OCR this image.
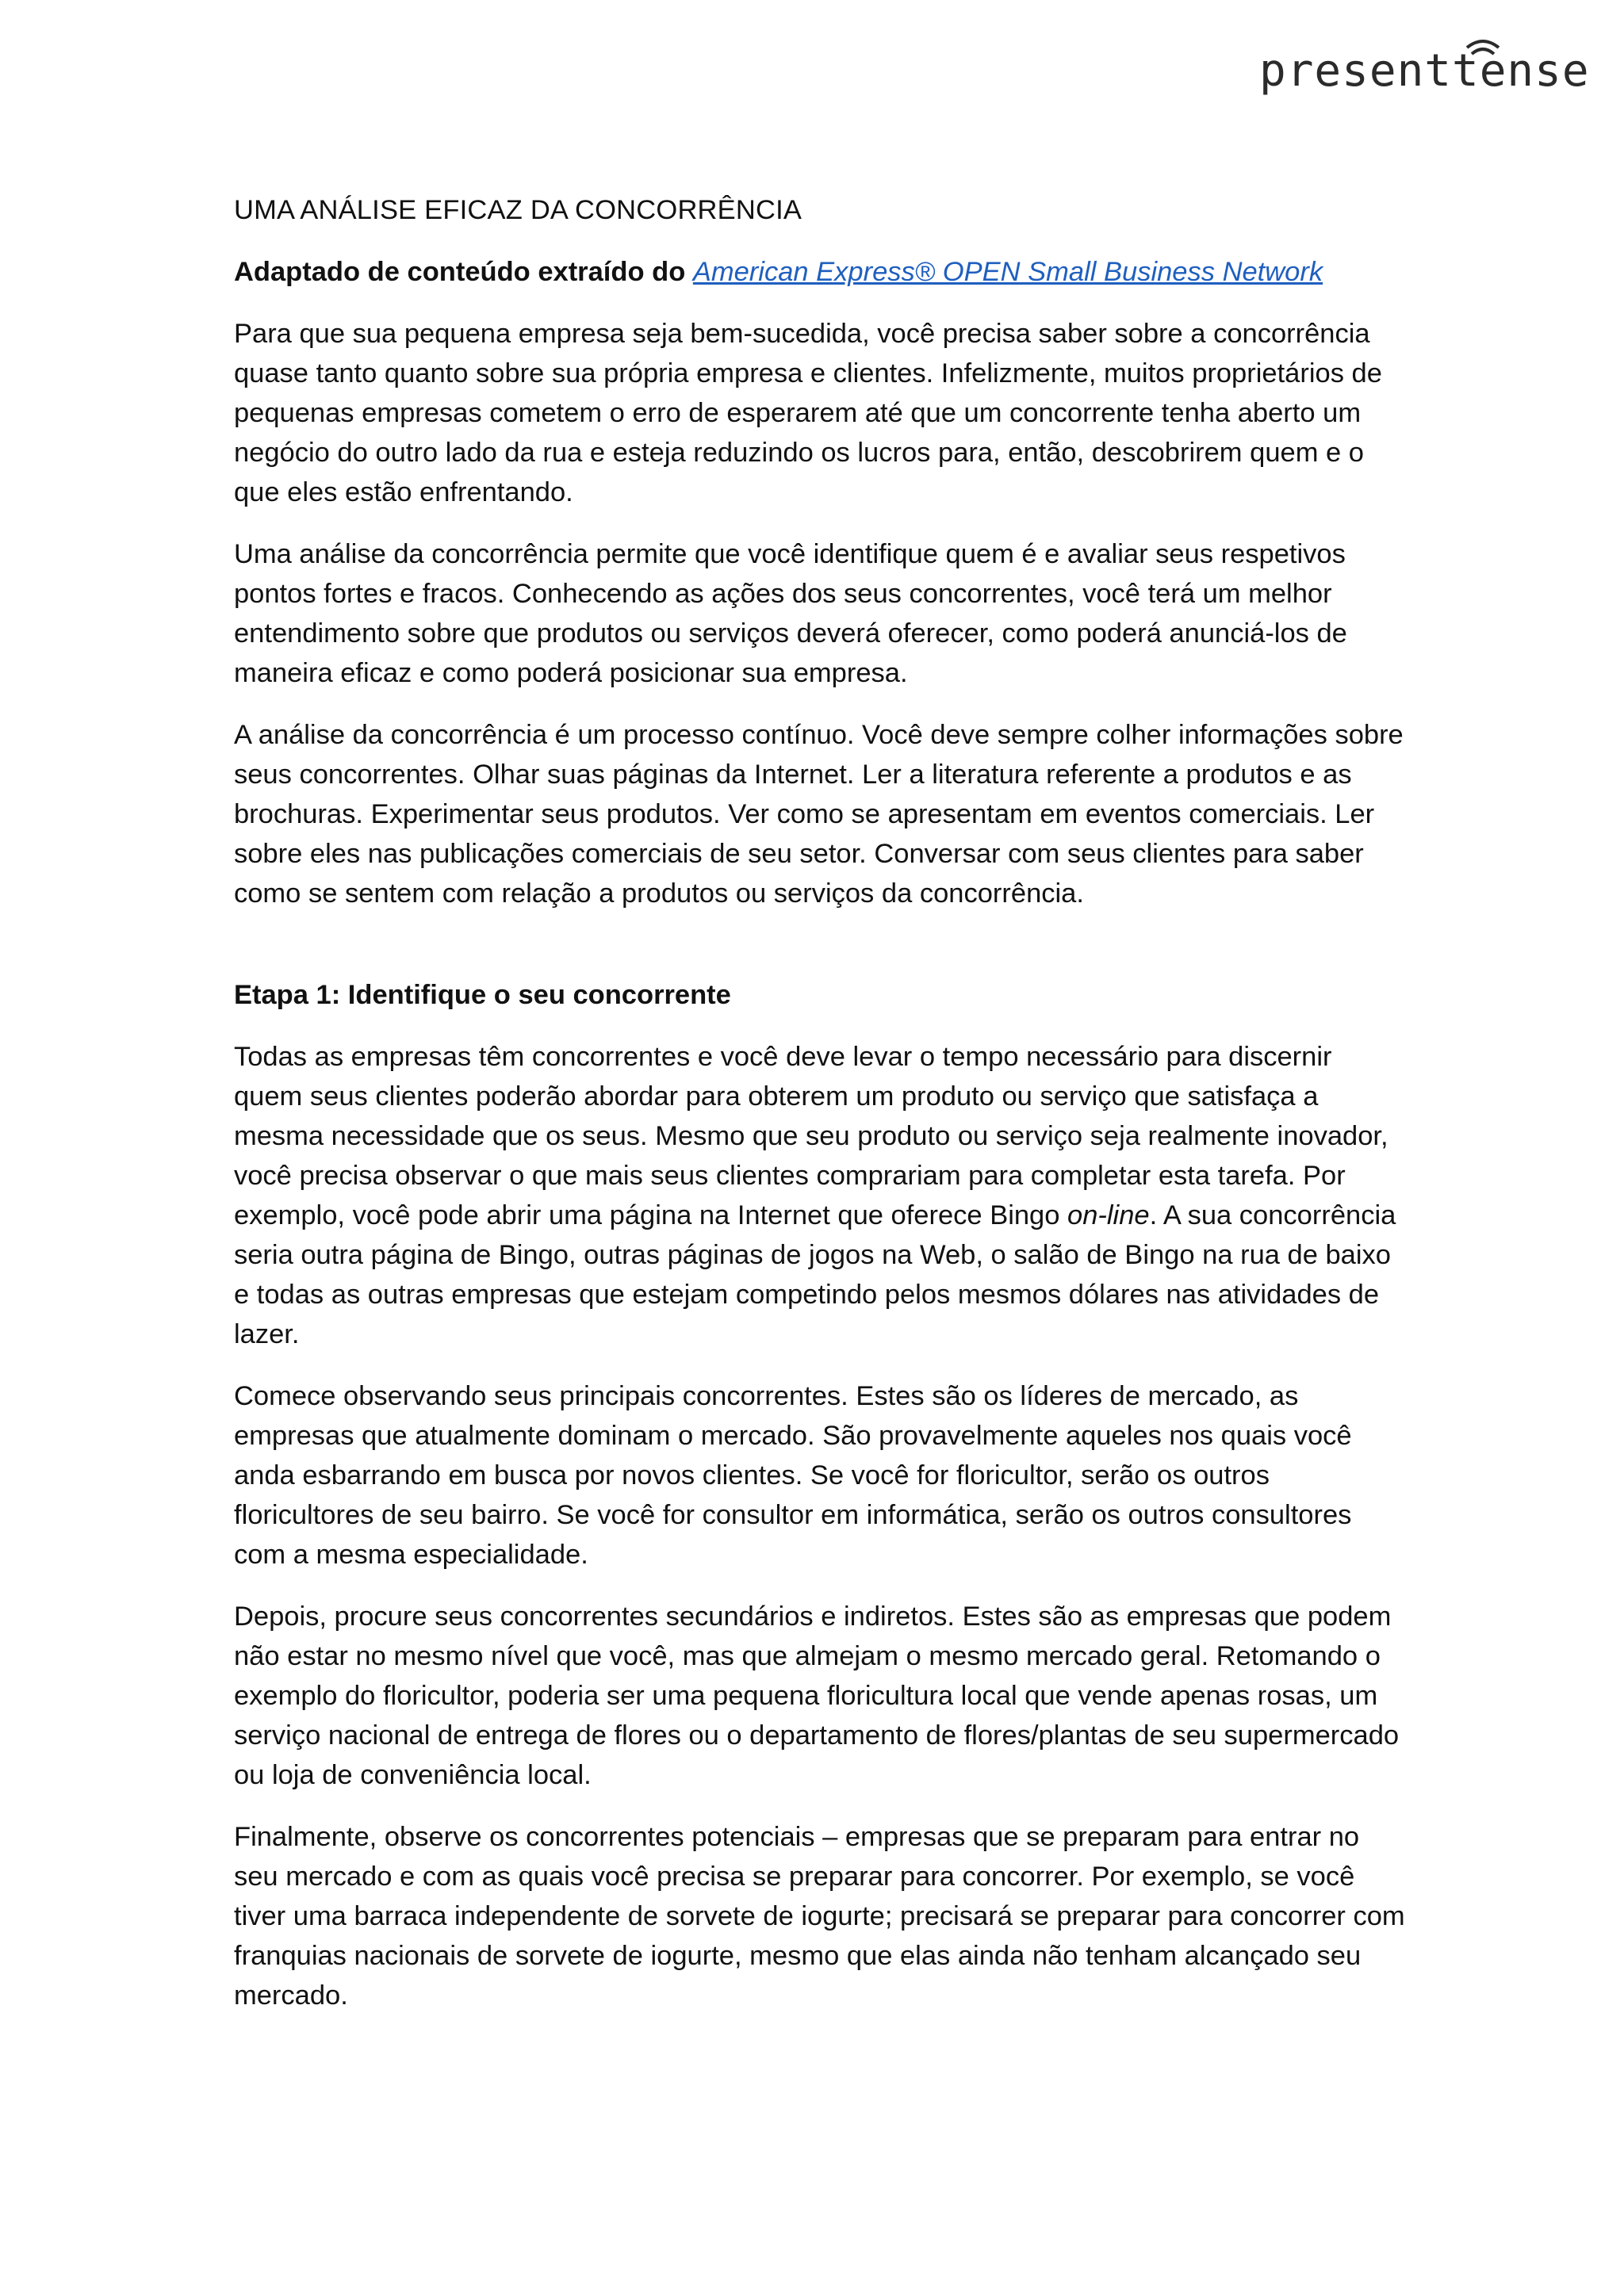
presenttense
UMA ANÁLISE EFICAZ DA CONCORRÊNCIA
Adaptado de conteúdo extraído do American Express® OPEN Small Business Network

Para que sua pequena empresa seja bem-sucedida, você precisa saber sobre a concorrência quase tanto quanto sobre sua própria empresa e clientes. Infelizmente, muitos proprietários de pequenas empresas cometem o erro de esperarem até que um concorrente tenha aberto um negócio do outro lado da rua e esteja reduzindo os lucros para, então, descobrirem quem e o que eles estão enfrentando.

Uma análise da concorrência permite que você identifique quem é e avaliar seus respetivos pontos fortes e fracos. Conhecendo as ações dos seus concorrentes, você terá um melhor entendimento sobre que produtos ou serviços deverá oferecer, como poderá anunciá-los de maneira eficaz e como poderá posicionar sua empresa.

A análise da concorrência é um processo contínuo. Você deve sempre colher informações sobre seus concorrentes. Olhar suas páginas da Internet. Ler a literatura referente a produtos e as brochuras. Experimentar seus produtos. Ver como se apresentam em eventos comerciais. Ler sobre eles nas publicações comerciais de seu setor. Conversar com seus clientes para saber como se sentem com relação a produtos ou serviços da concorrência.

Etapa 1: Identifique o seu concorrente

Todas as empresas têm concorrentes e você deve levar o tempo necessário para discernir quem seus clientes poderão abordar para obterem um produto ou serviço que satisfaça a mesma necessidade que os seus. Mesmo que seu produto ou serviço seja realmente inovador, você precisa observar o que mais seus clientes comprariam para completar esta tarefa. Por exemplo, você pode abrir uma página na Internet que oferece Bingo on-line. A sua concorrência seria outra página de Bingo, outras páginas de jogos na Web, o salão de Bingo na rua de baixo e todas as outras empresas que estejam competindo pelos mesmos dólares nas atividades de lazer.

Comece observando seus principais concorrentes. Estes são os líderes de mercado, as empresas que atualmente dominam o mercado. São provavelmente aqueles nos quais você anda esbarrando em busca por novos clientes. Se você for floricultor, serão os outros floricultores de seu bairro. Se você for consultor em informática, serão os outros consultores com a mesma especialidade.

Depois, procure seus concorrentes secundários e indiretos. Estes são as empresas que podem não estar no mesmo nível que você, mas que almejam o mesmo mercado geral. Retomando o exemplo do floricultor, poderia ser uma pequena floricultura local que vende apenas rosas, um serviço nacional de entrega de flores ou o departamento de flores/plantas de seu supermercado ou loja de conveniência local.

Finalmente, observe os concorrentes potenciais – empresas que se preparam para entrar no seu mercado e com as quais você precisa se preparar para concorrer. Por exemplo, se você tiver uma barraca independente de sorvete de iogurte; precisará se preparar para concorrer com franquias nacionais de sorvete de iogurte, mesmo que elas ainda não tenham alcançado seu mercado.
